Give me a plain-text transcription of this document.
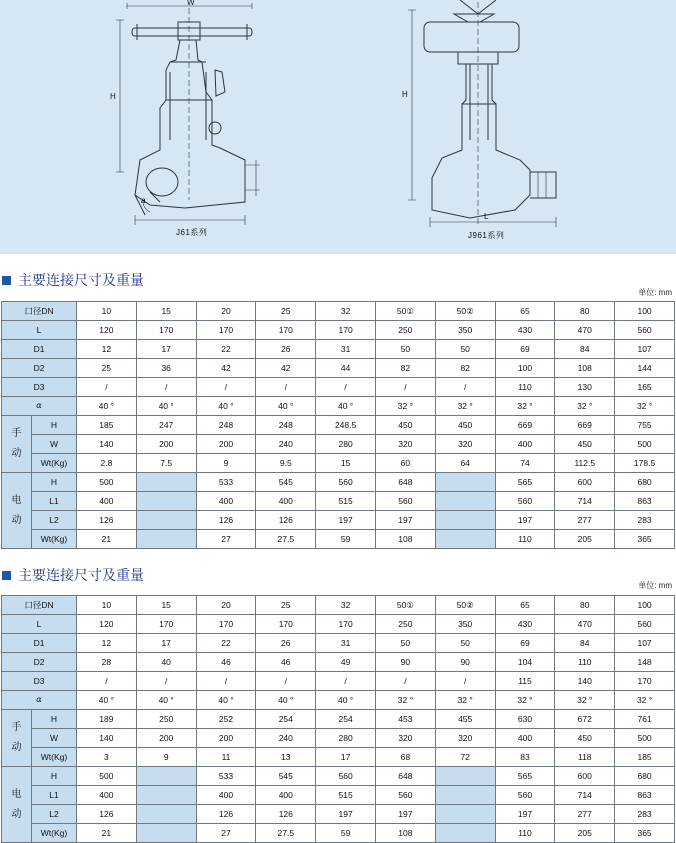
W
H	H
a
L
J61系列	J961系列
主要连接尺寸及重量
单位: mm
口径DN		10	15	20	25	32	50①	50②	65	80	100
L		120	170	170	170	170	250	350	430	470	560
D1		12	17	22	26	31	50	50	69	84	107
D2		25	36	42	42	44	82	82	100	108	144
D3		/	/	/	/	/	/	/	110	130	165
α		40 °	40 °	40 °	40 °	40 °	32 °	32 °	32 °	32 °	32 °
手动	H	185	247	248	248	248.5	450	450	669	669	755
	W	140	200	200	240	280	320	320	400	450	500
	Wt(Kg)	2.8	7.5	9	9.5	15	60	64	74	112.5	178.5
电动	H	500		533	545	560	648		565	600	680
	L1	400		400	400	515	560		560	714	863
	L2	126		126	126	197	197		197	277	283
	Wt(Kg)	21		27	27.5	59	108		110	205	365
主要连接尺寸及重量
单位: mm
口径DN		10	15	20	25	32	50①	50②	65	80	100
L		120	170	170	170	170	250	350	430	470	560
D1		12	17	22	26	31	50	50	69	84	107
D2		28	40	46	46	49	90	90	104	110	148
D3		/	/	/	/	/	/	/	115	140	170
α		40 °	40 °	40 °	40 °	40 °	32 °	32 °	32 °	32 °	32 °
手动	H	189	250	252	254	254	453	455	630	672	761
	W	140	200	200	240	280	320	320	400	450	500
	Wt(Kg)	3	9	11	13	17	68	72	83	118	185
电动	H	500		533	545	560	648		565	600	680
	L1	400		400	400	515	560		560	714	863
	L2	126		126	126	197	197		197	277	283
	Wt(Kg)	21		27	27.5	59	108		110	205	365
